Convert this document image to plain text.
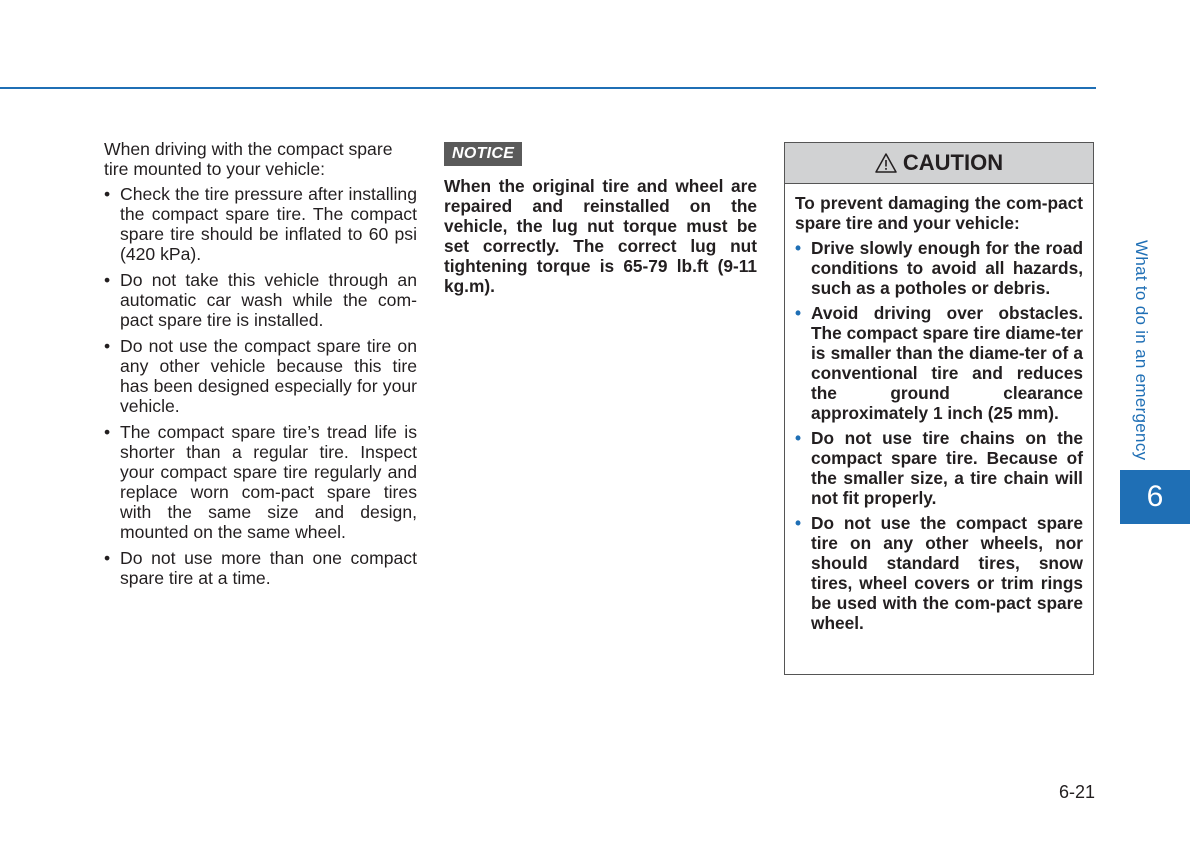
When driving with the compact spare tire mounted to your vehicle:

• Check the tire pressure after installing the compact spare tire. The compact spare tire should be inflated to 60 psi (420 kPa).
• Do not take this vehicle through an automatic car wash while the com-pact spare tire is installed.
• Do not use the compact spare tire on any other vehicle because this tire has been designed especially for your vehicle.
• The compact spare tire’s tread life is shorter than a regular tire. Inspect your compact spare tire regularly and replace worn com-pact spare tires with the same size and design, mounted on the same wheel.
• Do not use more than one compact spare tire at a time.
NOTICE
When the original tire and wheel are repaired and reinstalled on the vehicle, the lug nut torque must be set correctly. The correct lug nut tightening torque is 65-79 lb.ft (9-11 kg.m).
CAUTION

To prevent damaging the com-pact spare tire and your vehicle:

• Drive slowly enough for the road conditions to avoid all hazards, such as a potholes or debris.
• Avoid driving over obstacles. The compact spare tire diame-ter is smaller than the diame-ter of a conventional tire and reduces the ground clearance approximately 1 inch (25 mm).
• Do not use tire chains on the compact spare tire. Because of the smaller size, a tire chain will not fit properly.
• Do not use the compact spare tire on any other wheels, nor should standard tires, snow tires, wheel covers or trim rings be used with the com-pact spare wheel.
What to do in an emergency
6
6-21
